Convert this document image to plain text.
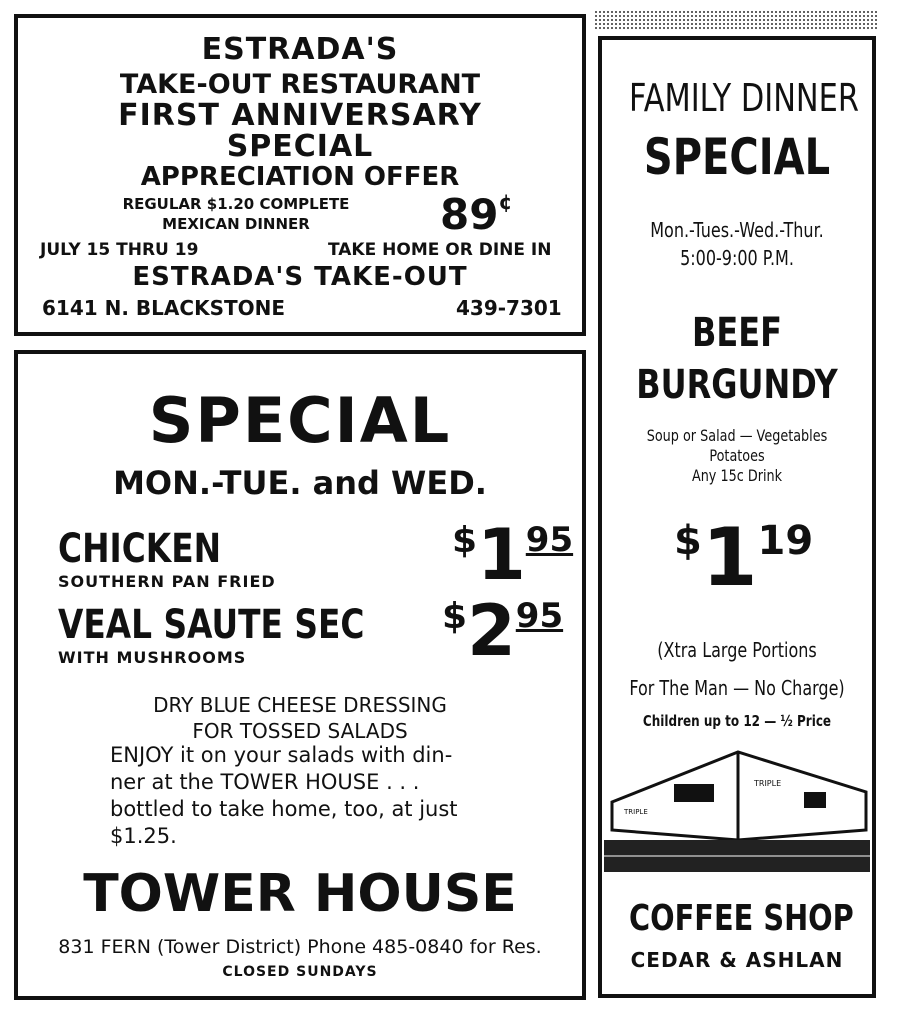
ESTRADA'S
TAKE-OUT RESTAURANT
FIRST ANNIVERSARY
SPECIAL
APPRECIATION OFFER
REGULAR $1.20 COMPLETE
MEXICAN DINNER	89¢
JULY 15 THRU 19	TAKE HOME OR DINE IN
ESTRADA'S TAKE-OUT
6141 N. BLACKSTONE	439-7301
SPECIAL
MON.-TUE. and WED.
CHICKEN
SOUTHERN PAN FRIED
$195
VEAL SAUTE SEC
WITH MUSHROOMS
$295
DRY BLUE CHEESE DRESSING
FOR TOSSED SALADS
ENJOY it on your salads with din-
ner at the TOWER HOUSE . . .
bottled to take home, too, at just
$1.25.
TOWER HOUSE
831 FERN (Tower District) Phone 485-0840 for Res.
CLOSED SUNDAYS
FAMILY DINNER
SPECIAL
Mon.-Tues.-Wed.-Thur.
5:00-9:00 P.M.
BEEF
BURGUNDY
Soup or Salad — Vegetables
Potatoes
Any 15c Drink
$119
(Xtra Large Portions
For The Man — No Charge)
Children up to 12 — ½ Price
TRIPLE
TRIPLE
COFFEE SHOP
CEDAR & ASHLAN
